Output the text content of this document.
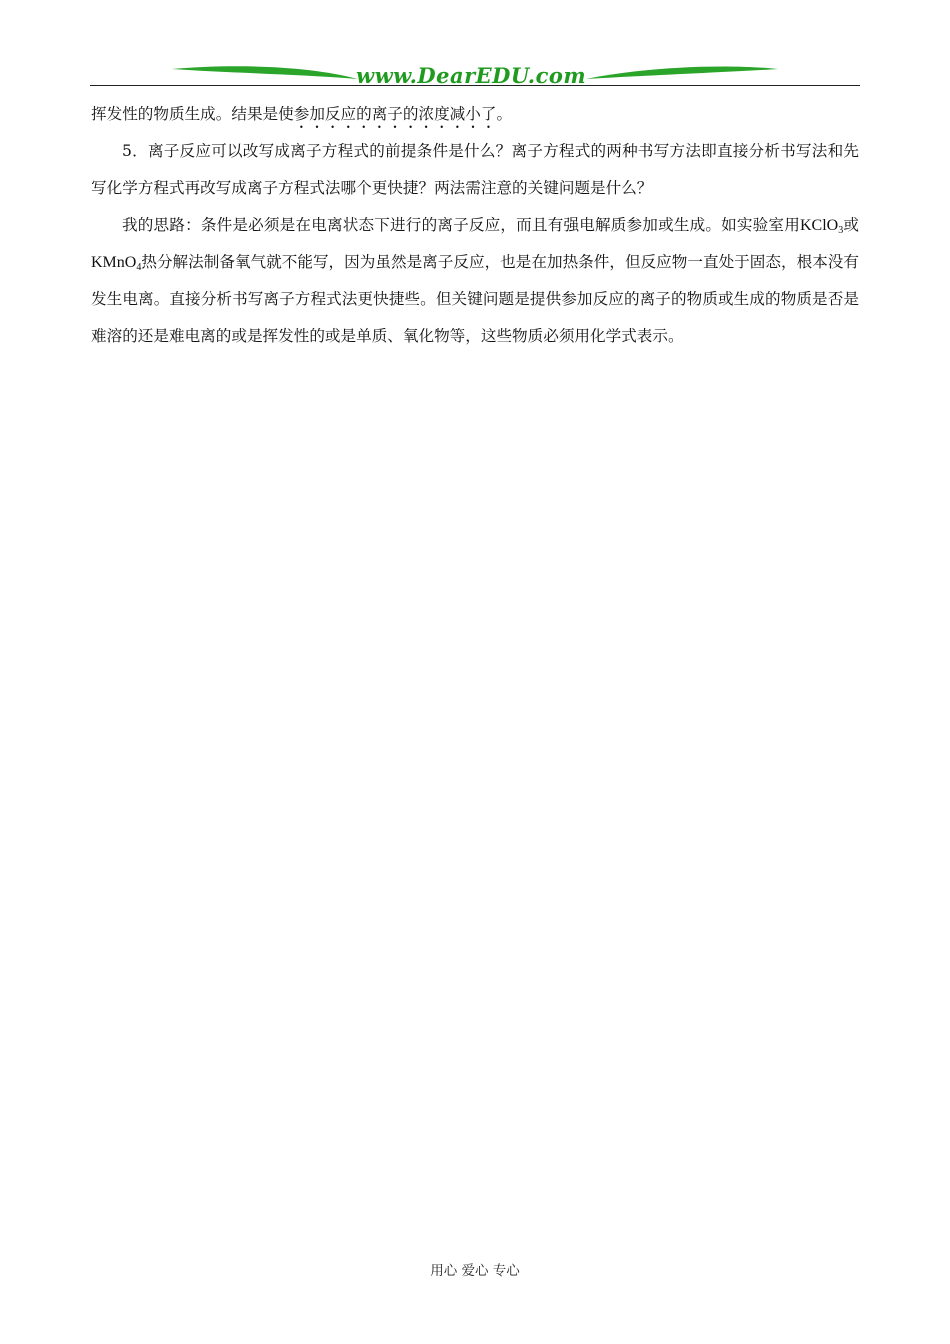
www.DearEDU.com

挥发性的物质生成。结果是使参加反应的离子的浓度减小了。

5．离子反应可以改写成离子方程式的前提条件是什么？离子方程式的两种书写方法即直接分析书写法和先写化学方程式再改写成离子方程式法哪个更快捷？两法需注意的关键问题是什么？

我的思路：条件是必须是在电离状态下进行的离子反应，而且有强电解质参加或生成。如实验室用KClO$_3$或 KMnO$_4$热分解法制备氧气就不能写，因为虽然是离子反应，也是在加热条件，但反应物一直处于固态，根本没有发生电离。直接分析书写离子方程式法更快捷些。但关键问题是提供参加反应的离子的物质或生成的物质是否是难溶的还是难电离的或是挥发性的或是单质、氧化物等，这些物质必须用化学式表示。

用心 爱心 专心
